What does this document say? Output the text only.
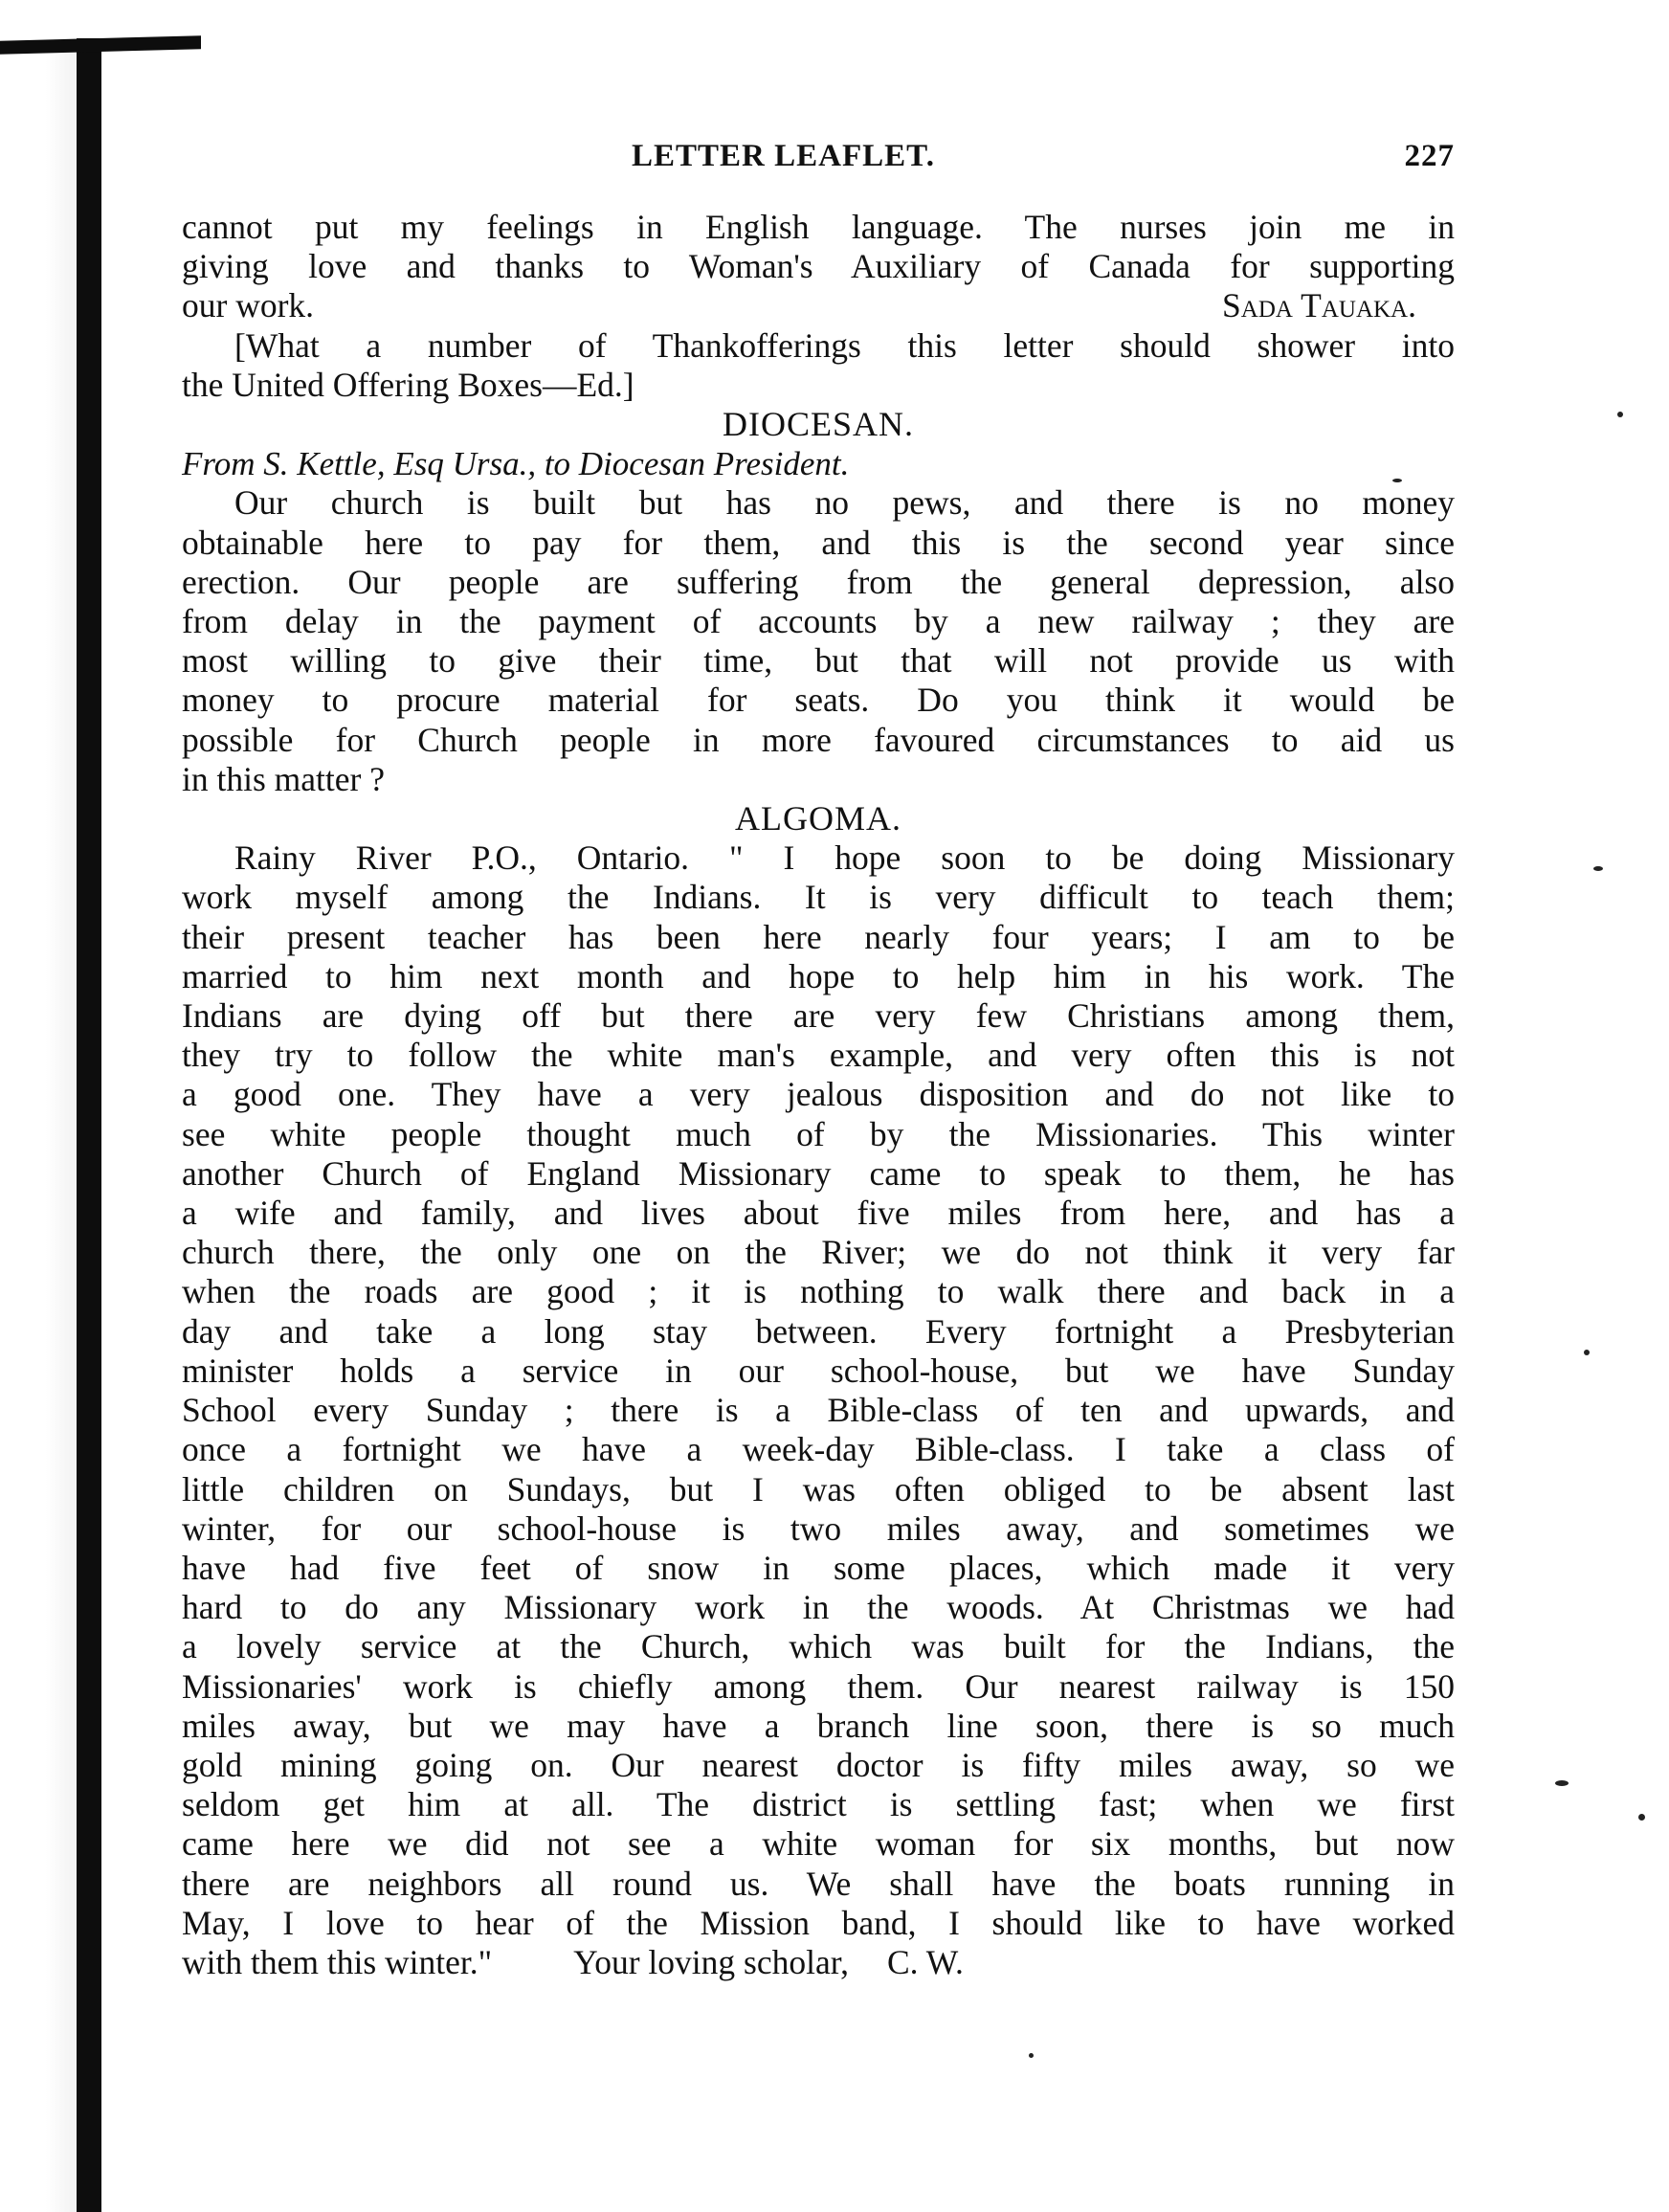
LETTER LEAFLET.	227
cannot put my feelings in English language. The nurses join me in
giving love and thanks to Woman's Auxiliary of Canada for supporting
our work.	Sada Tauaka.
[What a number of Thankofferings this letter should shower into
the United Offering Boxes—Ed.]
DIOCESAN.
From S. Kettle, Esq Ursa., to Diocesan President.
Our church is built but has no pews, and there is no money
obtainable here to pay for them, and this is the second year since
erection. Our people are suffering from the general depression, also
from delay in the payment of accounts by a new railway ; they are
most willing to give their time, but that will not provide us with
money to procure material for seats. Do you think it would be
possible for Church people in more favoured circumstances to aid us
in this matter ?
ALGOMA.
Rainy River P.O., Ontario. " I hope soon to be doing Missionary
work myself among the Indians. It is very difficult to teach them;
their present teacher has been here nearly four years; I am to be
married to him next month and hope to help him in his work. The
Indians are dying off but there are very few Christians among them,
they try to follow the white man's example, and very often this is not
a good one. They have a very jealous disposition and do not like to
see white people thought much of by the Missionaries. This winter
another Church of England Missionary came to speak to them, he has
a wife and family, and lives about five miles from here, and has a
church there, the only one on the River; we do not think it very far
when the roads are good ; it is nothing to walk there and back in a
day and take a long stay between. Every fortnight a Presbyterian
minister holds a service in our school-house, but we have Sunday
School every Sunday ; there is a Bible-class of ten and upwards, and
once a fortnight we have a week-day Bible-class. I take a class of
little children on Sundays, but I was often obliged to be absent last
winter, for our school-house is two miles away, and sometimes we
have had five feet of snow in some places, which made it very
hard to do any Missionary work in the woods. At Christmas we had
a lovely service at the Church, which was built for the Indians, the
Missionaries' work is chiefly among them. Our nearest railway is 150
miles away, but we may have a branch line soon, there is so much
gold mining going on. Our nearest doctor is fifty miles away, so we
seldom get him at all. The district is settling fast; when we first
came here we did not see a white woman for six months, but now
there are neighbors all round us. We shall have the boats running in
May, I love to hear of the Mission band, I should like to have worked
with them this winter." Your loving scholar, C. W.
